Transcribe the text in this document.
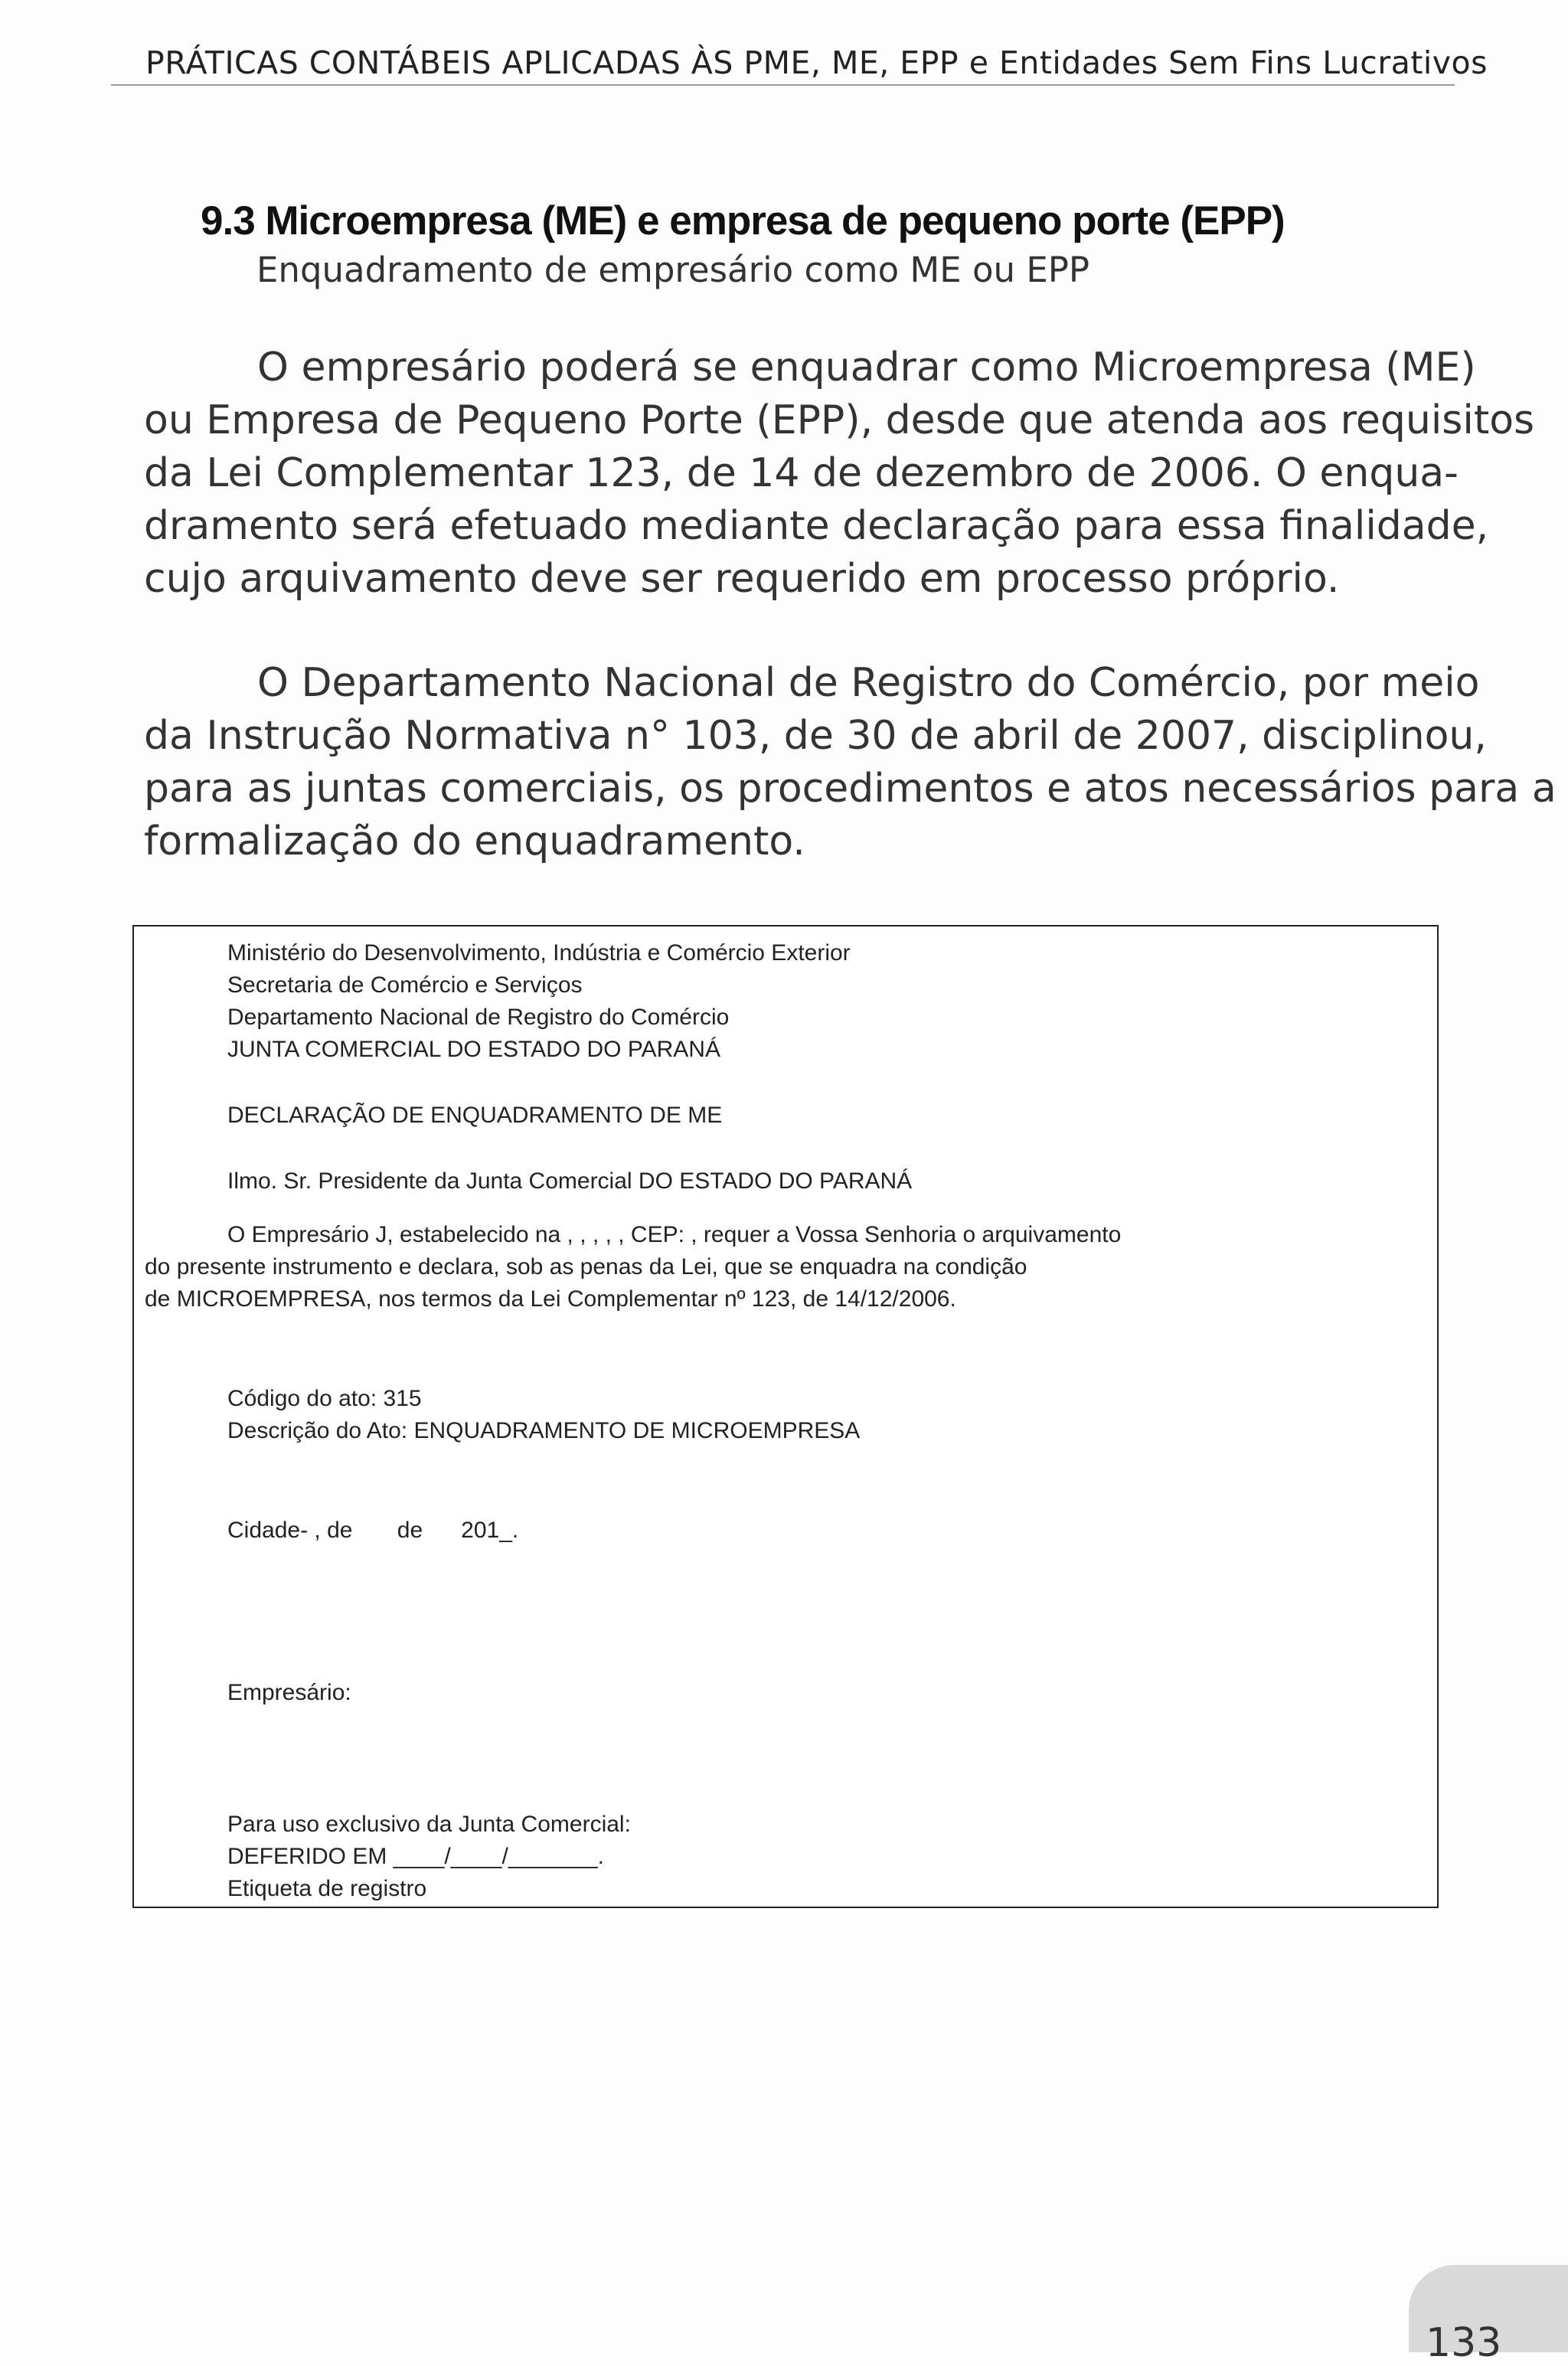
PRÁTICAS CONTÁBEIS APLICADAS ÀS PME, ME, EPP e Entidades Sem Fins Lucrativos
9.3 Microempresa (ME) e empresa de pequeno porte (EPP)
Enquadramento de empresário como ME ou EPP
O empresário poderá se enquadrar como Microempresa (ME)
ou Empresa de Pequeno Porte (EPP), desde que atenda aos requisitos
da Lei Complementar 123, de 14 de dezembro de 2006. O enqua-
dramento será efetuado mediante declaração para essa finalidade,
cujo arquivamento deve ser requerido em processo próprio.
O Departamento Nacional de Registro do Comércio, por meio
da Instrução Normativa n° 103, de 30 de abril de 2007, disciplinou,
para as juntas comerciais, os procedimentos e atos necessários para a
formalização do enquadramento.
Ministério do Desenvolvimento, Indústria e Comércio Exterior
Secretaria de Comércio e Serviços
Departamento Nacional de Registro do Comércio
JUNTA COMERCIAL DO ESTADO DO PARANÁ
DECLARAÇÃO DE ENQUADRAMENTO DE ME
Ilmo. Sr. Presidente da Junta Comercial DO ESTADO DO PARANÁ
O Empresário J, estabelecido na , , , , , CEP: , requer a Vossa Senhoria o arquivamento
do presente instrumento e declara, sob as penas da Lei, que se enquadra na condição
de MICROEMPRESA, nos termos da Lei Complementar nº 123, de 14/12/2006.
Código do ato: 315
Descrição do Ato: ENQUADRAMENTO DE MICROEMPRESA
Cidade- , de       de      201_.
Empresário:
Para uso exclusivo da Junta Comercial:
DEFERIDO EM ____/____/_______.
Etiqueta de registro
133
